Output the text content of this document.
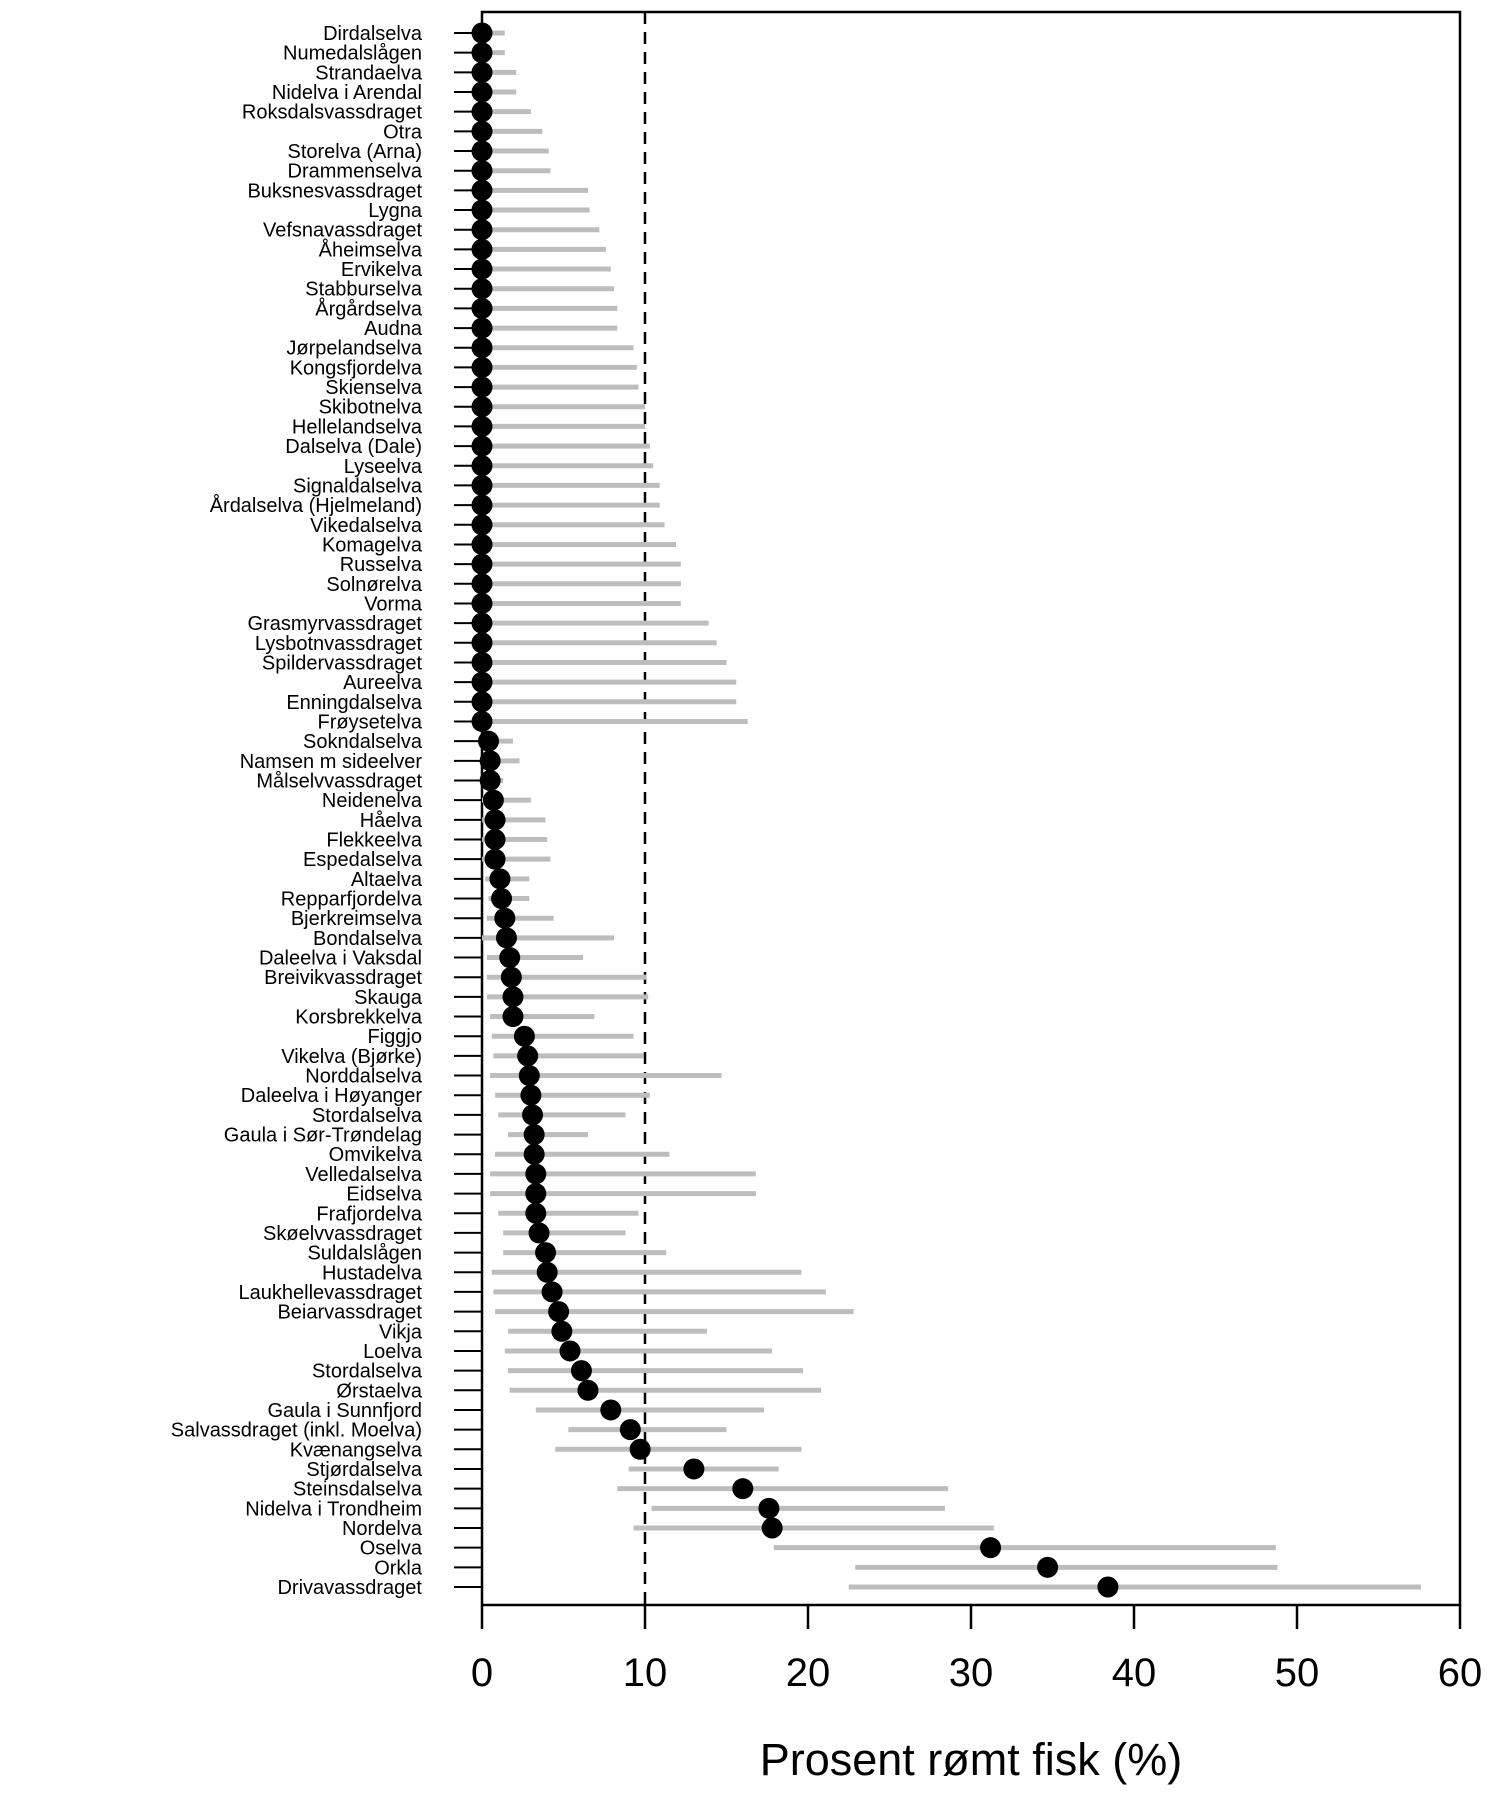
Dirdalselva
Numedalslågen
Strandaelva
Nidelva i Arendal
Roksdalsvassdraget
Otra
Storelva (Arna)
Drammenselva
Buksnesvassdraget
Lygna
Vefsnavassdraget
Åheimselva
Ervikelva
Stabburselva
Årgårdselva
Audna
Jørpelandselva
Kongsfjordelva
Skienselva
Skibotnelva
Hellelandselva
Dalselva (Dale)
Lyseelva
Signaldalselva
Årdalselva (Hjelmeland)
Vikedalselva
Komagelva
Russelva
Solnørelva
Vorma
Grasmyrvassdraget
Lysbotnvassdraget
Spildervassdraget
Aureelva
Enningdalselva
Frøysetelva
Sokndalselva
Namsen m sideelver
Målselvvassdraget
Neidenelva
Håelva
Flekkeelva
Espedalselva
Altaelva
Repparfjordelva
Bjerkreimselva
Bondalselva
Daleelva i Vaksdal
Breivikvassdraget
Skauga
Korsbrekkelva
Figgjo
Vikelva (Bjørke)
Norddalselva
Daleelva i Høyanger
Stordalselva
Gaula i Sør-Trøndelag
Omvikelva
Velledalselva
Eidselva
Frafjordelva
Skøelvvassdraget
Suldalslågen
Hustadelva
Laukhellevassdraget
Beiarvassdraget
Vikja
Loelva
Stordalselva
Ørstaelva
Gaula i Sunnfjord
Salvassdraget (inkl. Moelva)
Kvænangselva
Stjørdalselva
Steinsdalselva
Nidelva i Trondheim
Nordelva
Oselva
Orkla
Drivavassdraget
0	10	20	30	40	50	60
Prosent rømt fisk (%)
